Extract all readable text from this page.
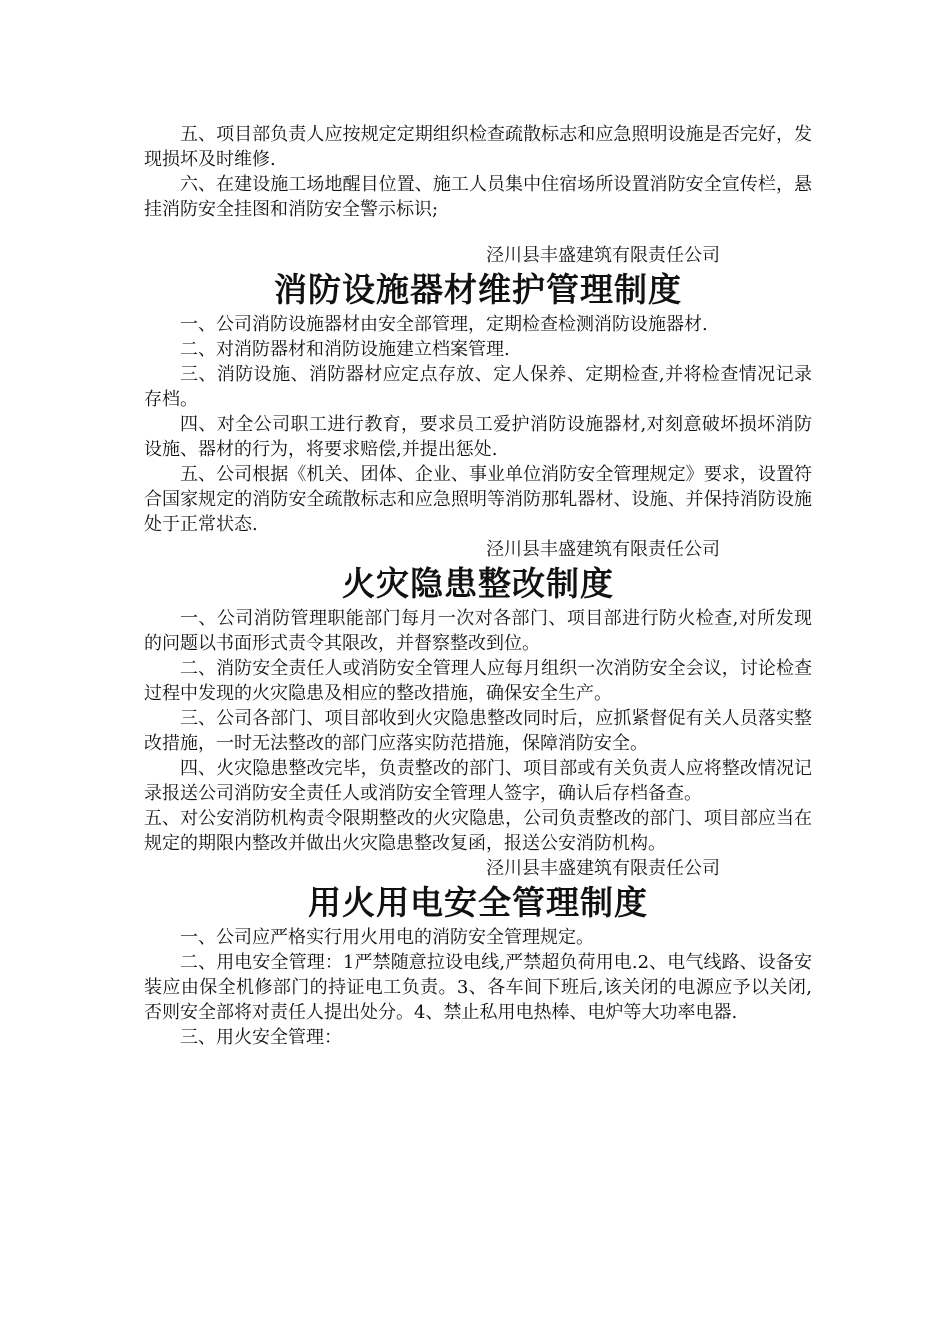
五、项目部负责人应按规定定期组织检查疏散标志和应急照明设施是否完好，发现损坏及时维修.

六、在建设施工场地醒目位置、施工人员集中住宿场所设置消防安全宣传栏，悬挂消防安全挂图和消防安全警示标识;

泾川县丰盛建筑有限责任公司

消防设施器材维护管理制度

一、公司消防设施器材由安全部管理，定期检查检测消防设施器材.

二、对消防器材和消防设施建立档案管理.

三、消防设施、消防器材应定点存放、定人保养、定期检查,并将检查情况记录存档。

四、对全公司职工进行教育，要求员工爱护消防设施器材,对刻意破坏损坏消防设施、器材的行为，将要求赔偿,并提出惩处.

五、公司根据《机关、团体、企业、事业单位消防安全管理规定》要求，设置符合国家规定的消防安全疏散标志和应急照明等消防那轧器材、设施、并保持消防设施处于正常状态.

泾川县丰盛建筑有限责任公司

火灾隐患整改制度

一、公司消防管理职能部门每月一次对各部门、项目部进行防火检查,对所发现的问题以书面形式责令其限改，并督察整改到位。

二、消防安全责任人或消防安全管理人应每月组织一次消防安全会议，讨论检查过程中发现的火灾隐患及相应的整改措施，确保安全生产。

三、公司各部门、项目部收到火灾隐患整改同时后，应抓紧督促有关人员落实整改措施，一时无法整改的部门应落实防范措施，保障消防安全。

四、火灾隐患整改完毕，负责整改的部门、项目部或有关负责人应将整改情况记录报送公司消防安全责任人或消防安全管理人签字，确认后存档备查。

五、对公安消防机构责令限期整改的火灾隐患，公司负责整改的部门、项目部应当在规定的期限内整改并做出火灾隐患整改复函，报送公安消防机构。

泾川县丰盛建筑有限责任公司

用火用电安全管理制度

一、公司应严格实行用火用电的消防安全管理规定。

二、用电安全管理：1严禁随意拉设电线,严禁超负荷用电.2、电气线路、设备安装应由保全机修部门的持证电工负责。3、各车间下班后,该关闭的电源应予以关闭,否则安全部将对责任人提出处分。4、禁止私用电热棒、电炉等大功率电器.

三、用火安全管理：
